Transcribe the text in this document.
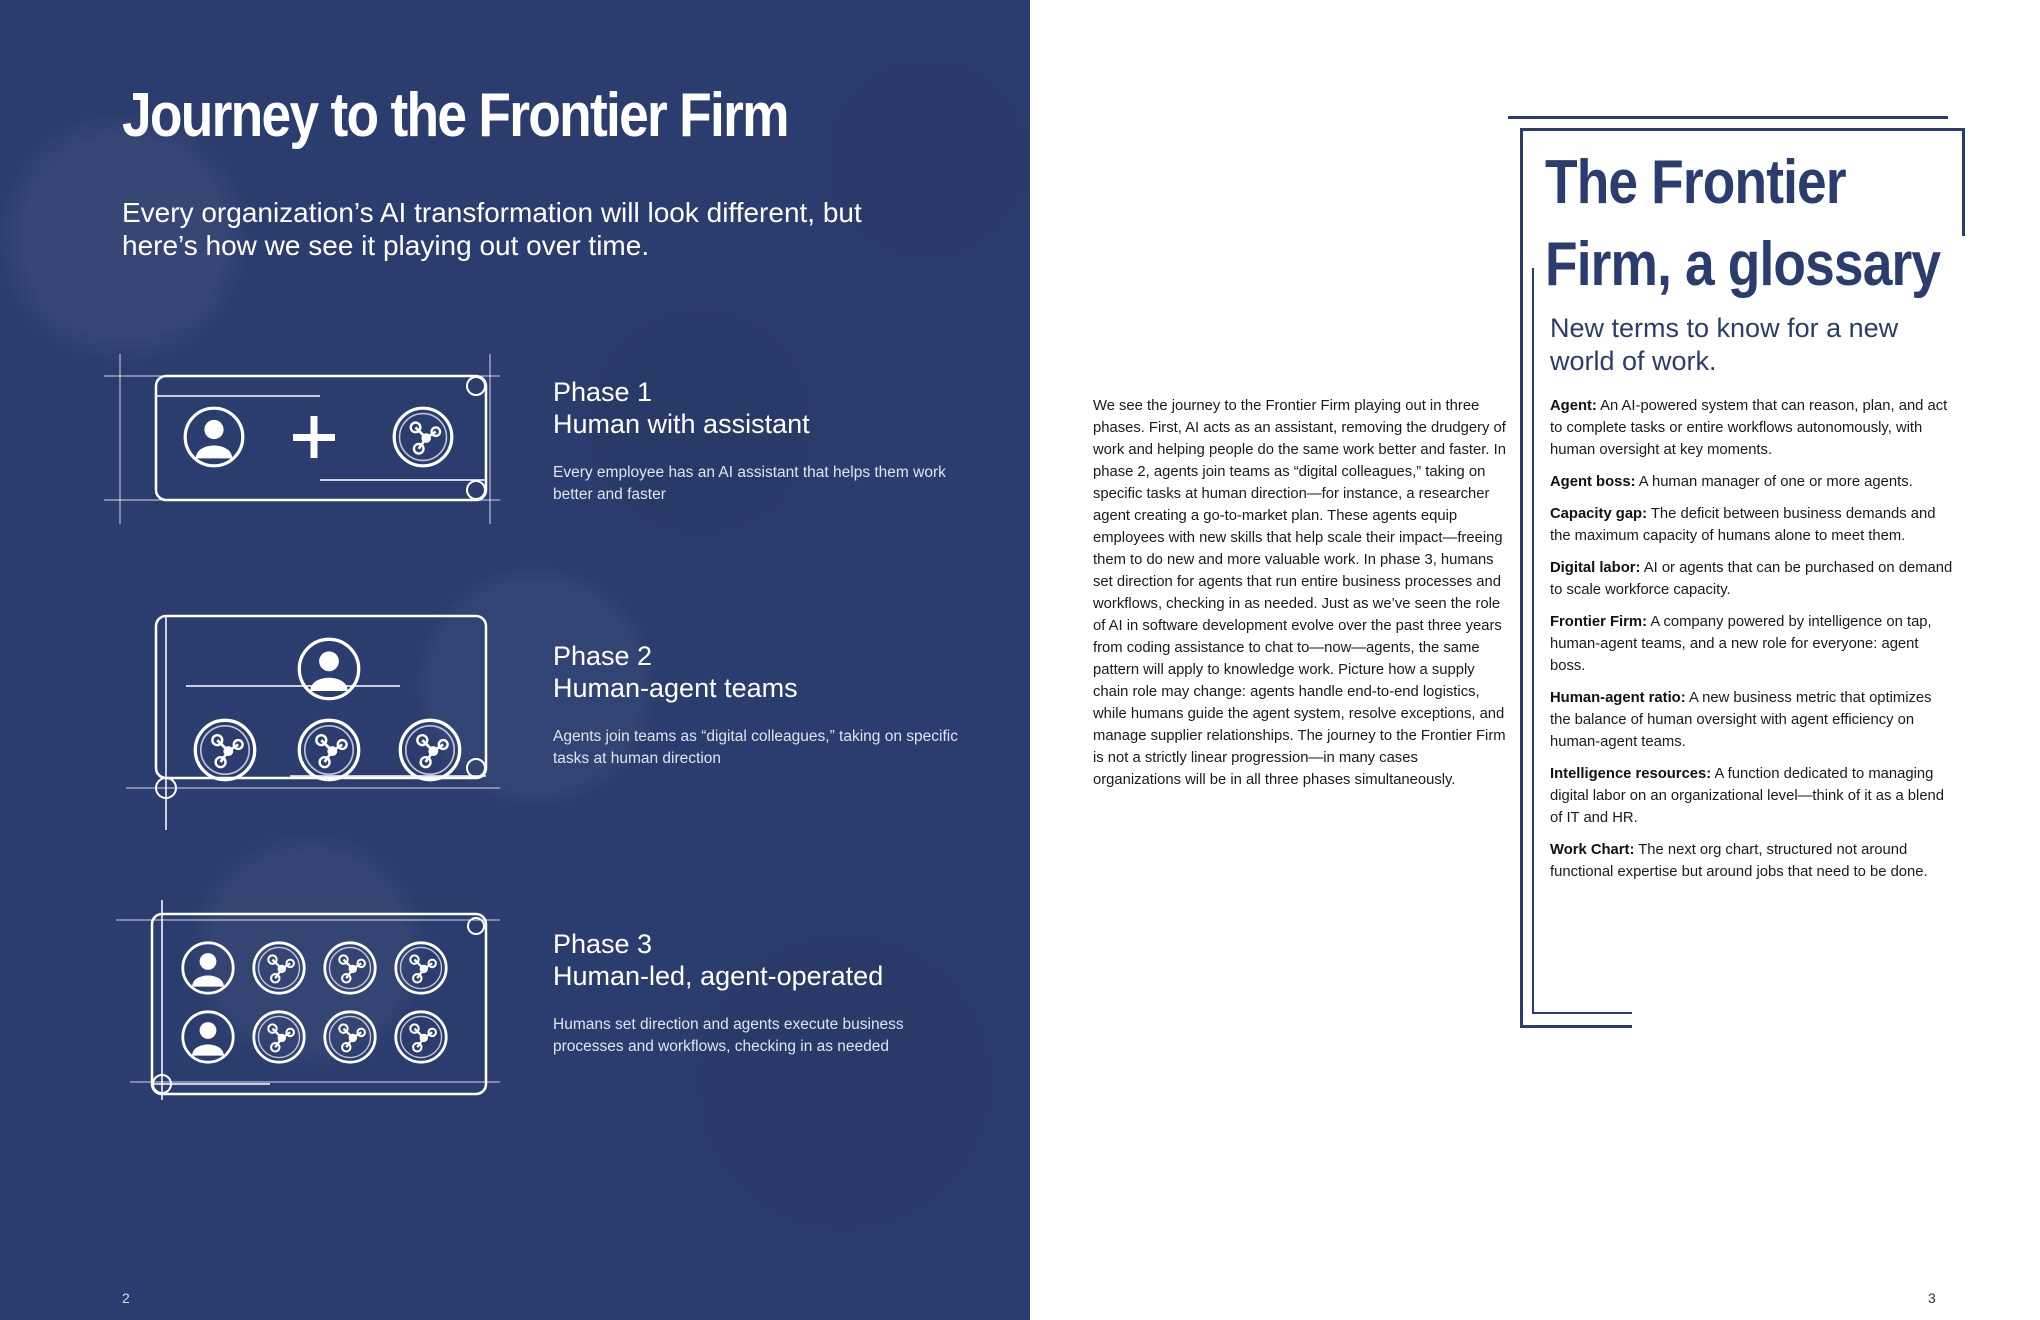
Journey to the Frontier Firm

Every organization’s AI transformation will look different, but here’s how we see it playing out over time.

Phase 1

Human with assistant

Every employee has an AI assistant that helps them work better and faster

Phase 2

Human-agent teams

Agents join teams as “digital colleagues,” taking on specific tasks at human direction

Phase 3

Human-led, agent-operated

Humans set direction and agents execute business processes and workflows, checking in as needed

2

We see the journey to the Frontier Firm playing out in three phases. First, AI acts as an assistant, removing the drudgery of work and helping people do the same work better and faster. In phase 2, agents join teams as “digital colleagues,” taking on specific tasks at human direction—for instance, a researcher agent creating a go-to-market plan. These agents equip employees with new skills that help scale their impact—freeing them to do new and more valuable work. In phase 3, humans set direction for agents that run entire business processes and workflows, checking in as needed. Just as we’ve seen the role of AI in software development evolve over the past three years from coding assistance to chat to—now—agents, the same pattern will apply to knowledge work. Picture how a supply chain role may change: agents handle end-to-end logistics, while humans guide the agent system, resolve exceptions, and manage supplier relationships. The journey to the Frontier Firm is not a strictly linear progression—in many cases organizations will be in all three phases simultaneously.

The Frontier
Firm, a glossary

New terms to know for a new world of work.

Agent: An AI-powered system that can reason, plan, and act to complete tasks or entire workflows autonomously, with human oversight at key moments.
Agent boss: A human manager of one or more agents.
Capacity gap: The deficit between business demands and the maximum capacity of humans alone to meet them.
Digital labor: AI or agents that can be purchased on demand to scale workforce capacity.
Frontier Firm: A company powered by intelligence on tap, human-agent teams, and a new role for everyone: agent boss.
Human-agent ratio: A new business metric that optimizes the balance of human oversight with agent efficiency on human-agent teams.
Intelligence resources: A function dedicated to managing digital labor on an organizational level—think of it as a blend of IT and HR.
Work Chart: The next org chart, structured not around functional expertise but around jobs that need to be done.
3
